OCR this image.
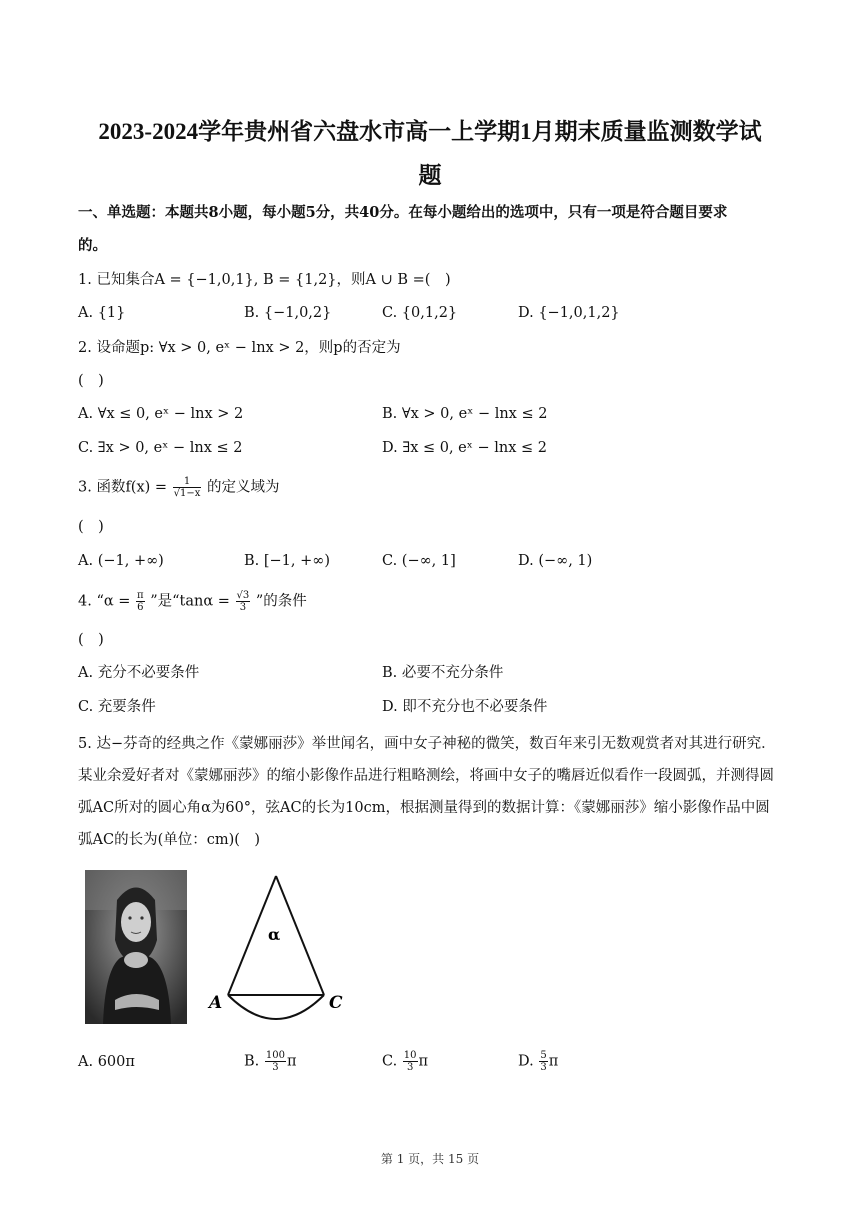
2023-2024学年贵州省六盘水市高一上学期1月期末质量监测数学试
题
一、单选题：本题共8小题，每小题5分，共40分。在每小题给出的选项中，只有一项是符合题目要求
的。
1. 已知集合A = {−1,0,1}, B = {1,2}，则A ∪ B =(　)
A. {1}	B. {−1,0,2}	C. {0,1,2}	D. {−1,0,1,2}
2. 设命题p: ∀x > 0, eˣ − lnx > 2，则p的否定为
(　)
A. ∀x ≤ 0, eˣ − lnx > 2	B. ∀x > 0, eˣ − lnx ≤ 2
C. ∃x > 0, eˣ − lnx ≤ 2	D. ∃x ≤ 0, eˣ − lnx ≤ 2
3. 函数$f(x) = \frac{1}{√1-x}$ 的定义域为
(　)
A. (−1, +∞)	B. [−1, +∞)	C. (−∞, 1]	D. (−∞, 1)
4. “$\alpha = \frac{\pi}{6}$ ”是“$\tan\alpha = \frac{√3}{3}$ ”的条件
(　)
A. 充分不必要条件	B. 必要不充分条件
C. 充要条件	D. 即不充分也不必要条件
5. 达−芬奇的经典之作《蒙娜丽莎》举世闻名，画中女子神秘的微笑，数百年来引无数观赏者对其进行研究．某业余爱好者对《蒙娜丽莎》的缩小影像作品进行粗略测绘，将画中女子的嘴唇近似看作一段圆弧，并测得圆弧AC所对的圆心角α为60°，弦AC的长为10cm，根据测量得到的数据计算：《蒙娜丽莎》缩小影像作品中圆弧AC的长为(单位：cm)(　)
α
A	C
A. 600π	B. $\frac{100}{3}$ π	C. $\frac{10}{3}$ π	D. $\frac{5}{3}$ π
第 1 页，共 15 页
